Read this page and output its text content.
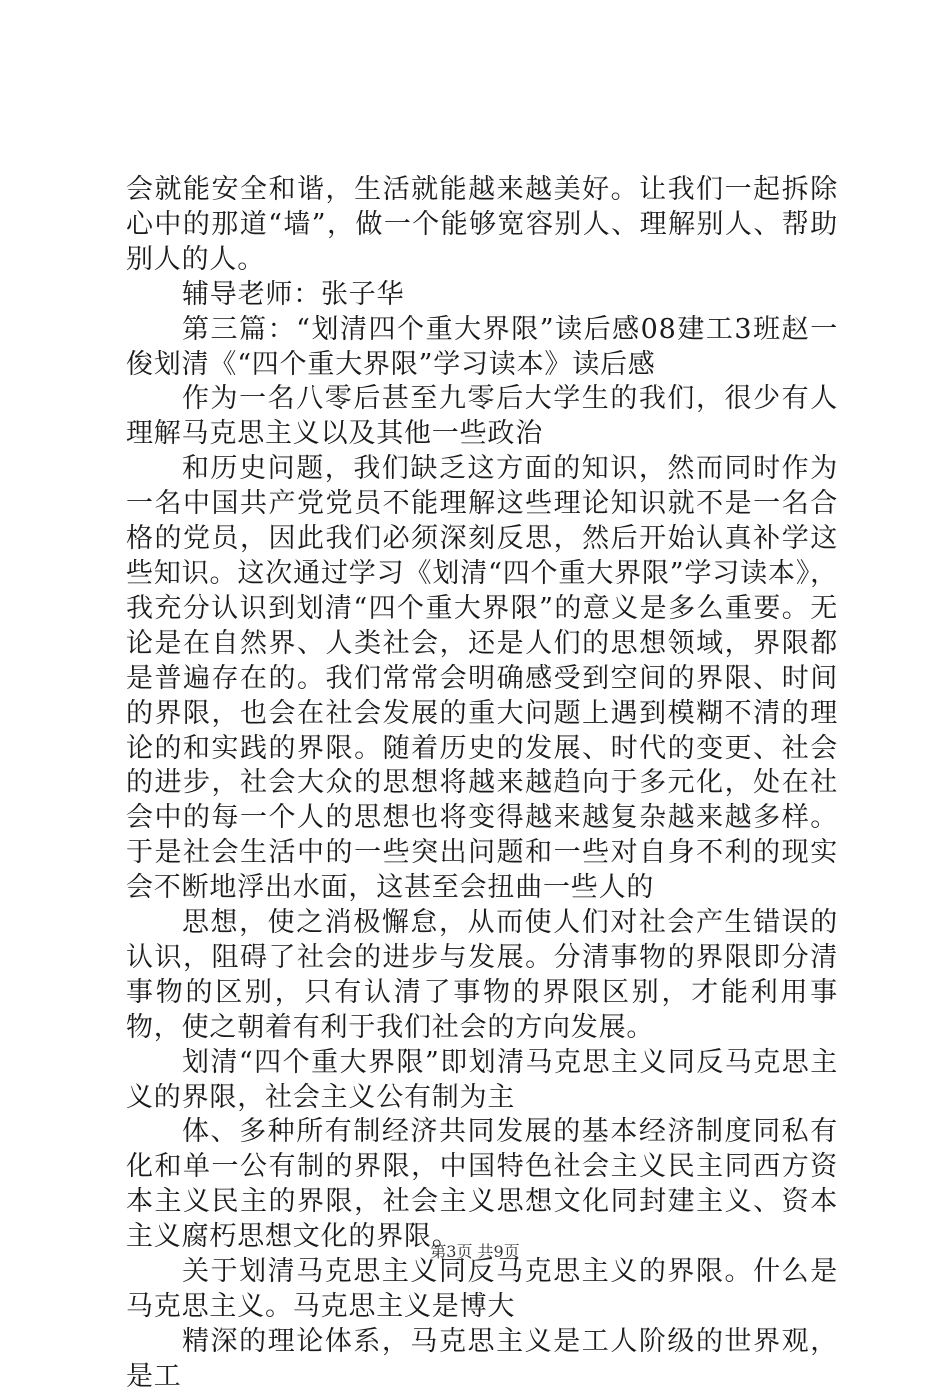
会就能安全和谐，生活就能越来越美好。让我们一起拆除心中的那道“墙”，做一个能够宽容别人、理解别人、帮助别人的人。

辅导老师：张子华

第三篇：“划清四个重大界限”读后感08建工3班赵一俊划清《“四个重大界限”学习读本》读后感

作为一名八零后甚至九零后大学生的我们，很少有人理解马克思主义以及其他一些政治

和历史问题，我们缺乏这方面的知识，然而同时作为一名中国共产党党员不能理解这些理论知识就不是一名合格的党员，因此我们必须深刻反思，然后开始认真补学这些知识。这次通过学习《划清“四个重大界限”学习读本》，我充分认识到划清“四个重大界限”的意义是多么重要。无论是在自然界、人类社会，还是人们的思想领域，界限都是普遍存在的。我们常常会明确感受到空间的界限、时间的界限，也会在社会发展的重大问题上遇到模糊不清的理论的和实践的界限。随着历史的发展、时代的变更、社会的进步，社会大众的思想将越来越趋向于多元化，处在社会中的每一个人的思想也将变得越来越复杂越来越多样。于是社会生活中的一些突出问题和一些对自身不利的现实会不断地浮出水面，这甚至会扭曲一些人的

思想，使之消极懈怠，从而使人们对社会产生错误的认识，阻碍了社会的进步与发展。分清事物的界限即分清事物的区别，只有认清了事物的界限区别，才能利用事物，使之朝着有利于我们社会的方向发展。

划清“四个重大界限”即划清马克思主义同反马克思主义的界限，社会主义公有制为主

体、多种所有制经济共同发展的基本经济制度同私有化和单一公有制的界限，中国特色社会主义民主同西方资本主义民主的界限，社会主义思想文化同封建主义、资本主义腐朽思想文化的界限。

关于划清马克思主义同反马克思主义的界限。什么是马克思主义。马克思主义是博大

精深的理论体系，马克思主义是工人阶级的世界观，是工

第3页 共9页
